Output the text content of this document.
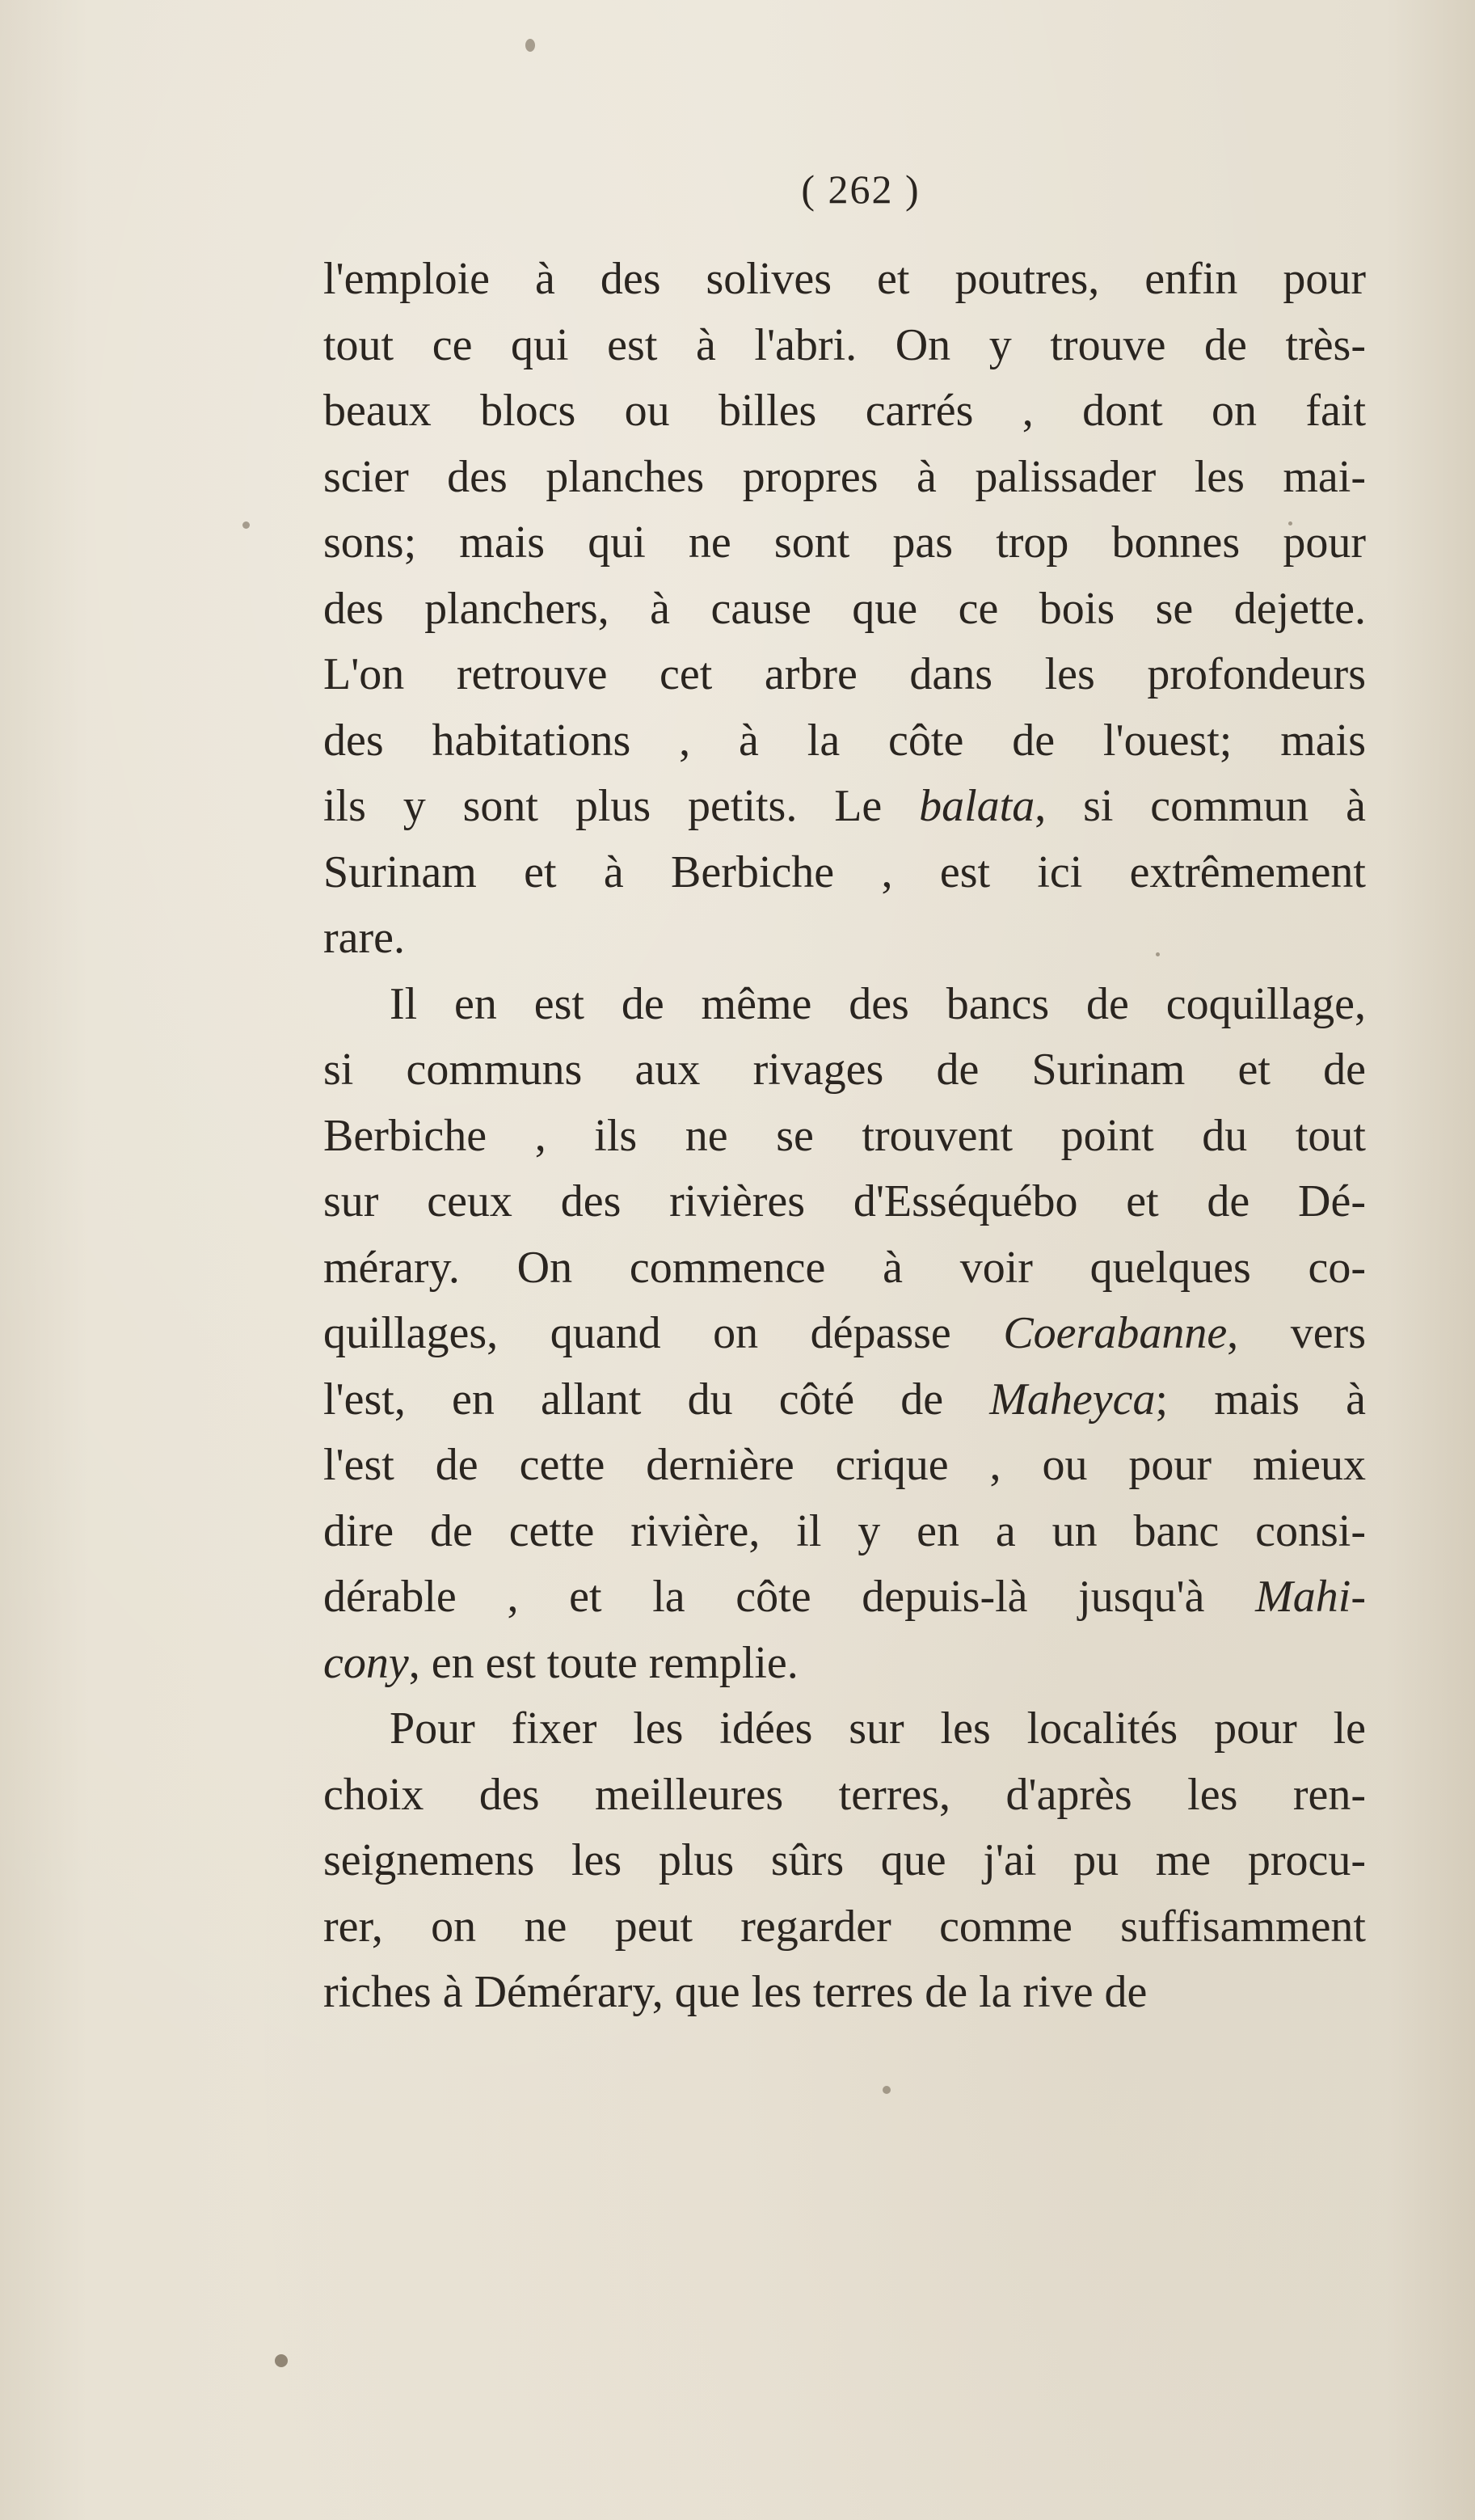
( 262 )
l'emploie à des solives et poutres, enfin pour
tout ce qui est à l'abri. On y trouve de très-
beaux blocs ou billes carrés , dont on fait
scier des planches propres à palissader les mai-
sons; mais qui ne sont pas trop bonnes pour
des planchers, à cause que ce bois se dejette.
L'on retrouve cet arbre dans les profondeurs
des habitations , à la côte de l'ouest; mais
ils y sont plus petits. Le balata, si commun à
Surinam et à Berbiche , est ici extrêmement
rare.
Il en est de même des bancs de coquillage,
si communs aux rivages de Surinam et de
Berbiche , ils ne se trouvent point du tout
sur ceux des rivières d'Esséquébo et de Dé-
mérary. On commence à voir quelques co-
quillages, quand on dépasse Coerabanne, vers
l'est, en allant du côté de Maheyca; mais à
l'est de cette dernière crique , ou pour mieux
dire de cette rivière, il y en a un banc consi-
dérable , et la côte depuis-là jusqu'à Mahi-
cony, en est toute remplie.
Pour fixer les idées sur les localités pour le
choix des meilleures terres, d'après les ren-
seignemens les plus sûrs que j'ai pu me procu-
rer, on ne peut regarder comme suffisamment
riches à Démérary, que les terres de la rive de
